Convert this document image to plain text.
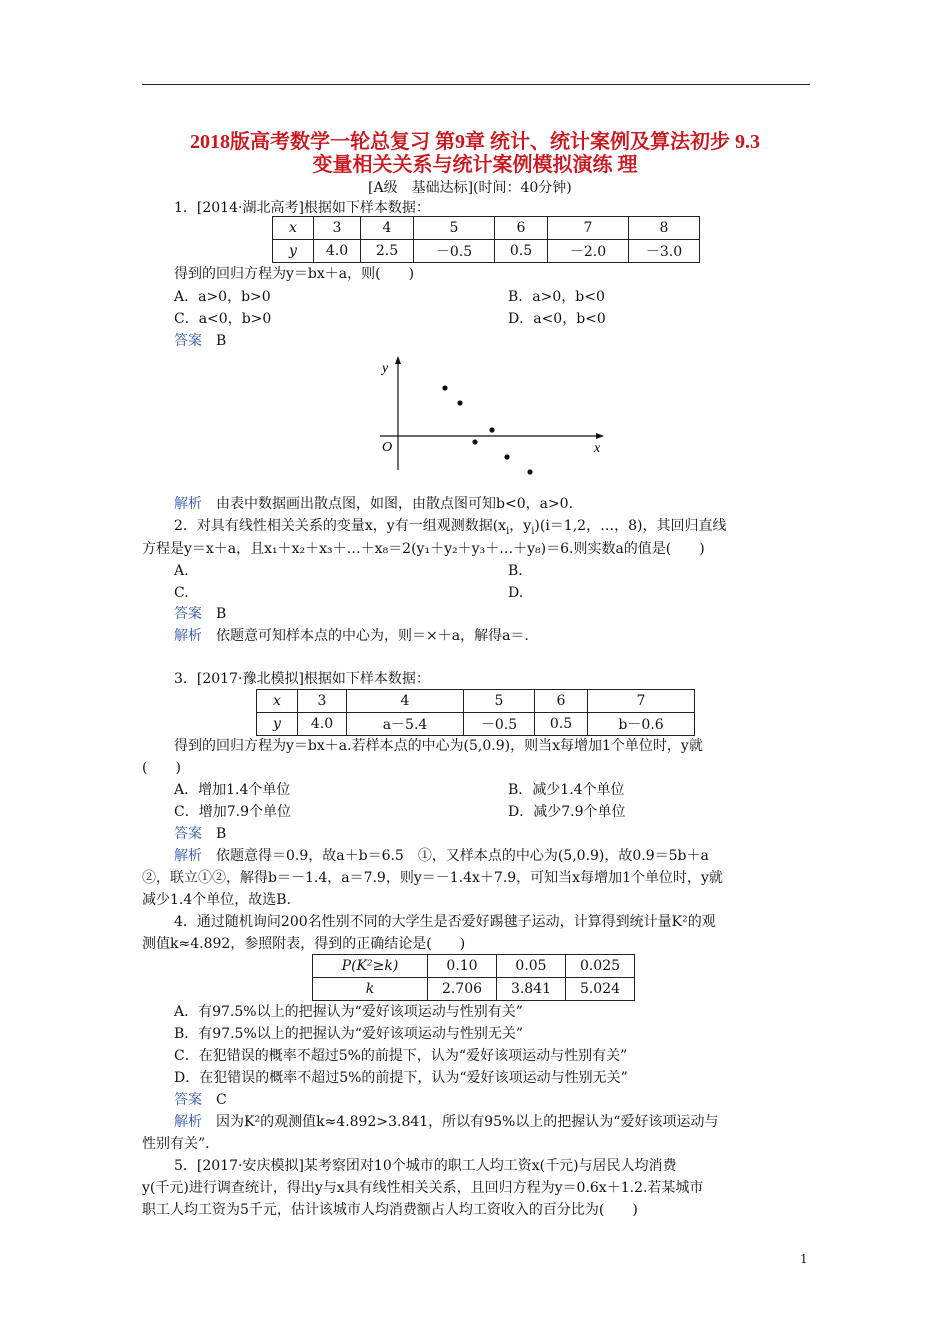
2018版高考数学一轮总复习 第9章 统计、统计案例及算法初步 9.3
变量相关关系与统计案例模拟演练 理
[A级　基础达标](时间：40分钟)
1．[2014·湖北高考]根据如下样本数据：
x	3	4	5	6	7	8
y	4.0	2.5	－0.5	0.5	－2.0	－3.0
得到的回归方程为y＝bx＋a，则(　　)
A．a>0，b>0	B．a>0，b<0
C．a<0，b>0	D．a<0，b<0
答案　 B
y
x
O
解析　 由表中数据画出散点图，如图，由散点图可知b<0，a>0.
2．对具有线性相关关系的变量x，y有一组观测数据($x_i$，$y_i)(i=1,2$，…，8)，其回归直线
方程是y＝x＋a，且x₁＋x₂＋x₃＋…＋x₈＝2(y₁＋y₂＋y₃＋…＋y₈)＝6.则实数a的值是(　　)
A.	B.
C.	D.
答案　 B
解析　 依题意可知样本点的中心为，则＝×＋a，解得a＝.
3．[2017·豫北模拟]根据如下样本数据：
x	3	4	5	6	7
y	4.0	a－5.4	－0.5	0.5	b－0.6
得到的回归方程为y＝bx＋a.若样本点的中心为(5,0.9)，则当x每增加1个单位时，y就
(　　)
A．增加1.4个单位	B．减少1.4个单位
C．增加7.9个单位	D．减少7.9个单位
答案　 B
解析　 依题意得＝0.9，故a＋b＝6.5　①，又样本点的中心为(5,0.9)，故0.9＝5b＋a
②，联立①②，解得b＝－1.4，a＝7.9，则y＝－1.4x＋7.9，可知当x每增加1个单位时，y就
减少1.4个单位，故选B.
4．通过随机询问200名性别不同的大学生是否爱好踢毽子运动，计算得到统计量K²的观
测值k≈4.892，参照附表，得到的正确结论是(　　)
P(K²≥k)	0.10	0.05	0.025
k	2.706	3.841	5.024
A．有97.5%以上的把握认为“爱好该项运动与性别有关”
B．有97.5%以上的把握认为“爱好该项运动与性别无关”
C．在犯错误的概率不超过5%的前提下，认为“爱好该项运动与性别有关”
D．在犯错误的概率不超过5%的前提下，认为“爱好该项运动与性别无关”
答案　 C
解析　 因为K²的观测值k≈4.892>3.841，所以有95%以上的把握认为“爱好该项运动与
性别有关”．
5．[2017·安庆模拟]某考察团对10个城市的职工人均工资x(千元)与居民人均消费
y(千元)进行调查统计，得出y与x具有线性相关关系，且回归方程为y＝0.6x＋1.2.若某城市
职工人均工资为5千元，估计该城市人均消费额占人均工资收入的百分比为(　　)
1
